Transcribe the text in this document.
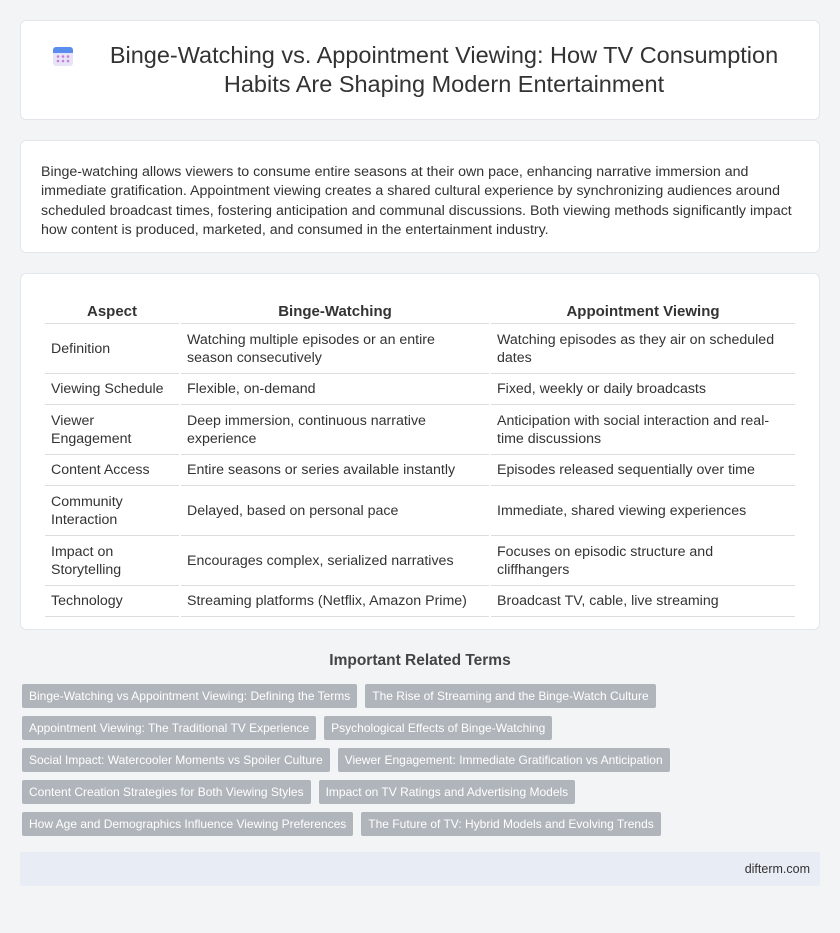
Binge-Watching vs. Appointment Viewing: How TV Consumption Habits Are Shaping Modern Entertainment

Binge-watching allows viewers to consume entire seasons at their own pace, enhancing narrative immersion and immediate gratification. Appointment viewing creates a shared cultural experience by synchronizing audiences around scheduled broadcast times, fostering anticipation and communal discussions. Both viewing methods significantly impact how content is produced, marketed, and consumed in the entertainment industry.

Aspect	Binge-Watching	Appointment Viewing
Definition	Watching multiple episodes or an entire season consecutively	Watching episodes as they air on scheduled dates
Viewing Schedule	Flexible, on-demand	Fixed, weekly or daily broadcasts
Viewer Engagement	Deep immersion, continuous narrative experience	Anticipation with social interaction and real-time discussions
Content Access	Entire seasons or series available instantly	Episodes released sequentially over time
Community Interaction	Delayed, based on personal pace	Immediate, shared viewing experiences
Impact on Storytelling	Encourages complex, serialized narratives	Focuses on episodic structure and cliffhangers
Technology	Streaming platforms (Netflix, Amazon Prime)	Broadcast TV, cable, live streaming
Important Related Terms
Binge-Watching vs Appointment Viewing: Defining the Terms	The Rise of Streaming and the Binge-Watch Culture
Appointment Viewing: The Traditional TV Experience	Psychological Effects of Binge-Watching
Social Impact: Watercooler Moments vs Spoiler Culture	Viewer Engagement: Immediate Gratification vs Anticipation
Content Creation Strategies for Both Viewing Styles	Impact on TV Ratings and Advertising Models
How Age and Demographics Influence Viewing Preferences	The Future of TV: Hybrid Models and Evolving Trends
difterm.com
